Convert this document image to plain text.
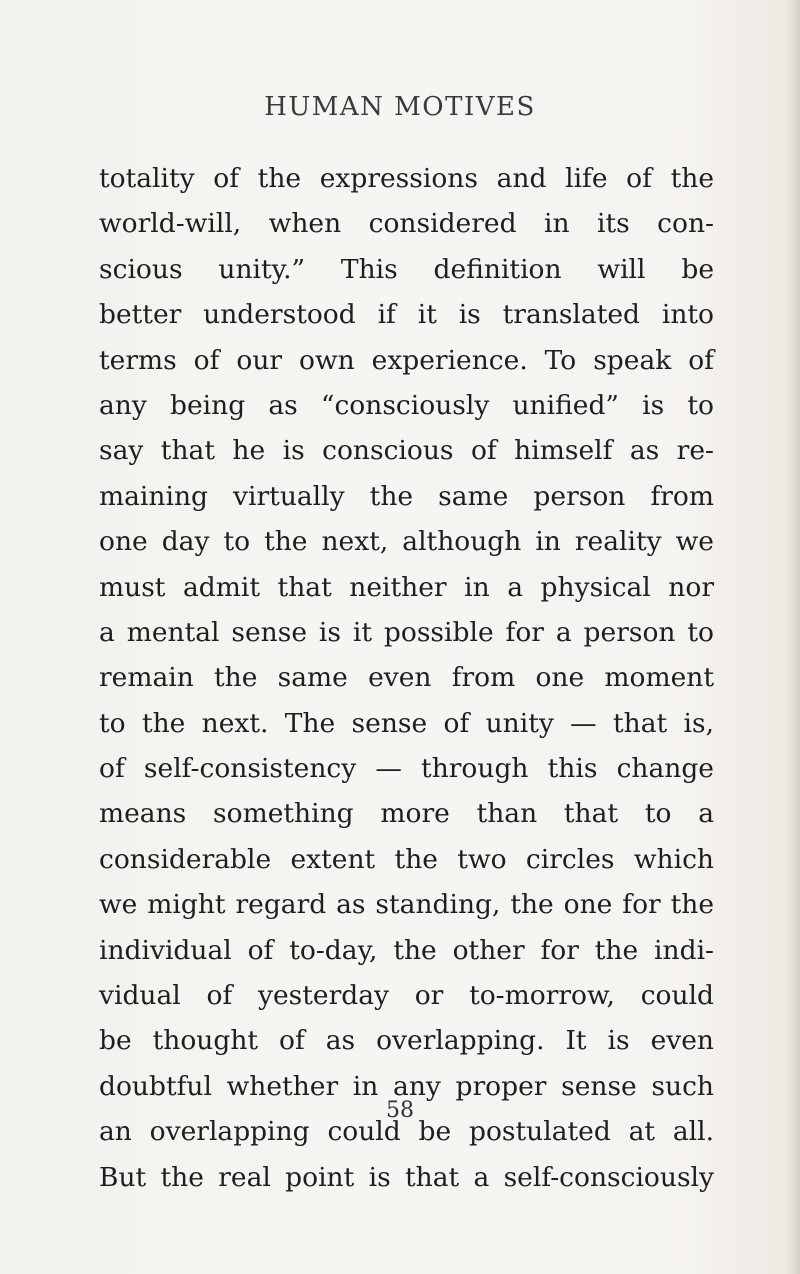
HUMAN MOTIVES
totality of the expressions and life of the
world-will, when considered in its con-
scious unity.” This definition will be
better understood if it is translated into
terms of our own experience. To speak of
any being as “consciously unified” is to
say that he is conscious of himself as re-
maining virtually the same person from
one day to the next, although in reality we
must admit that neither in a physical nor
a mental sense is it possible for a person to
remain the same even from one moment
to the next. The sense of unity — that is,
of self-consistency — through this change
means something more than that to a
considerable extent the two circles which
we might regard as standing, the one for the
individual of to-day, the other for the indi-
vidual of yesterday or to-morrow, could
be thought of as overlapping. It is even
doubtful whether in any proper sense such
an overlapping could be postulated at all.
But the real point is that a self-consciously
58
